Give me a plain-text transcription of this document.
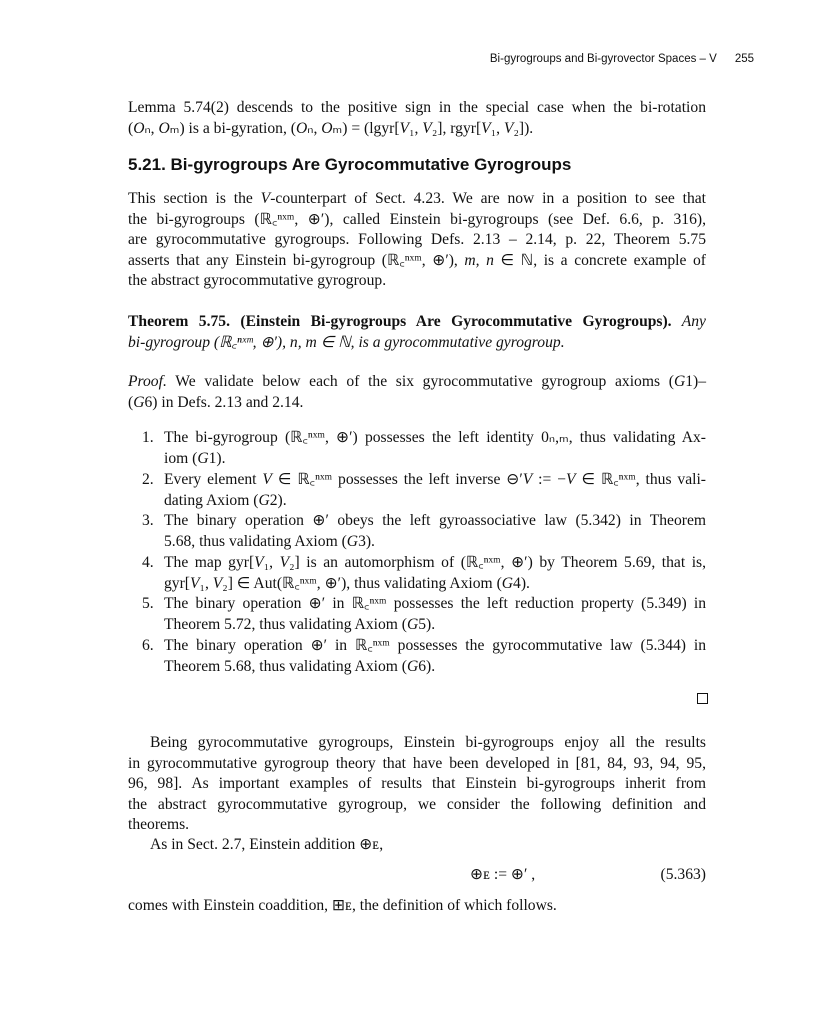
Bi-gyrogroups and Bi-gyrovector Spaces – V 255
Lemma 5.74(2) descends to the positive sign in the special case when the bi-rotation
(Oₙ, Oₘ) is a bi-gyration, (Oₙ, Oₘ) = (lgyr[V₁, V₂], rgyr[V₁, V₂]).
5.21. Bi-gyrogroups Are Gyrocommutative Gyrogroups
This section is the V-counterpart of Sect. 4.23. We are now in a position to see that
the bi-gyrogroups (ℝ꜀ⁿˣᵐ, ⊕′), called Einstein bi-gyrogroups (see Def. 6.6, p. 316),
are gyrocommutative gyrogroups. Following Defs. 2.13 – 2.14, p. 22, Theorem 5.75
asserts that any Einstein bi-gyrogroup (ℝ꜀ⁿˣᵐ, ⊕′), m, n ∈ ℕ, is a concrete example of
the abstract gyrocommutative gyrogroup.
Theorem 5.75. (Einstein Bi-gyrogroups Are Gyrocommutative Gyrogroups). Any
bi-gyrogroup (ℝ꜀ⁿˣᵐ, ⊕′), n, m ∈ ℕ, is a gyrocommutative gyrogroup.
Proof. We validate below each of the six gyrocommutative gyrogroup axioms (G1)–
(G6) in Defs. 2.13 and 2.14.
1. The bi-gyrogroup (ℝ꜀ⁿˣᵐ, ⊕′) possesses the left identity 0ₙ,ₘ, thus validating Ax-
iom (G1).
2. Every element V ∈ ℝ꜀ⁿˣᵐ possesses the left inverse ⊖′V := −V ∈ ℝ꜀ⁿˣᵐ, thus vali-
dating Axiom (G2).
3. The binary operation ⊕′ obeys the left gyroassociative law (5.342) in Theorem
5.68, thus validating Axiom (G3).
4. The map gyr[V₁, V₂] is an automorphism of (ℝ꜀ⁿˣᵐ, ⊕′) by Theorem 5.69, that is,
gyr[V₁, V₂] ∈ Aut(ℝ꜀ⁿˣᵐ, ⊕′), thus validating Axiom (G4).
5. The binary operation ⊕′ in ℝ꜀ⁿˣᵐ possesses the left reduction property (5.349) in
Theorem 5.72, thus validating Axiom (G5).
6. The binary operation ⊕′ in ℝ꜀ⁿˣᵐ possesses the gyrocommutative law (5.344) in
Theorem 5.68, thus validating Axiom (G6).
Being gyrocommutative gyrogroups, Einstein bi-gyrogroups enjoy all the results
in gyrocommutative gyrogroup theory that have been developed in [81, 84, 93, 94, 95,
96, 98]. As important examples of results that Einstein bi-gyrogroups inherit from
the abstract gyrocommutative gyrogroup, we consider the following definition and
theorems.
As in Sect. 2.7, Einstein addition ⊕ᴇ,
⊕ᴇ := ⊕′ ,	(5.363)
comes with Einstein coaddition, ⊞ᴇ, the definition of which follows.
